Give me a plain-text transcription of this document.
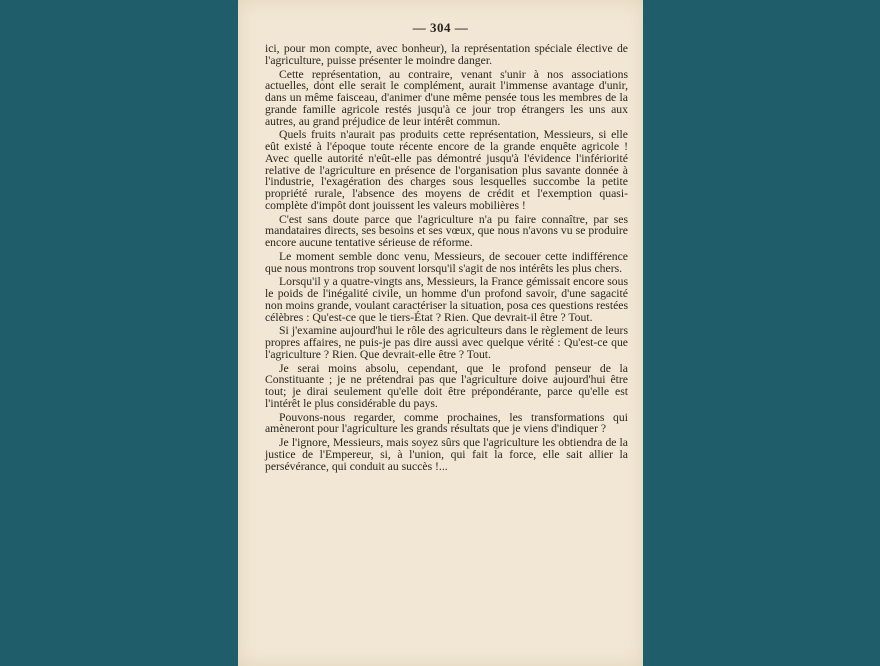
— 304 —

ici, pour mon compte, avec bonheur), la représentation spéciale élective de l'agriculture, puisse présenter le moindre danger.

Cette représentation, au contraire, venant s'unir à nos associations actuelles, dont elle serait le complément, aurait l'immense avantage d'unir, dans un même faisceau, d'animer d'une même pensée tous les membres de la grande famille agricole restés jusqu'à ce jour trop étrangers les uns aux autres, au grand préjudice de leur intérêt commun.

Quels fruits n'aurait pas produits cette représentation, Messieurs, si elle eût existé à l'époque toute récente encore de la grande enquête agricole ! Avec quelle autorité n'eût-elle pas démontré jusqu'à l'évidence l'infériorité relative de l'agriculture en présence de l'organisation plus savante donnée à l'industrie, l'exagération des charges sous lesquelles succombe la petite propriété rurale, l'absence des moyens de crédit et l'exemption quasi-complète d'impôt dont jouissent les valeurs mobilières !

C'est sans doute parce que l'agriculture n'a pu faire connaître, par ses mandataires directs, ses besoins et ses vœux, que nous n'avons vu se produire encore aucune tentative sérieuse de réforme.

Le moment semble donc venu, Messieurs, de secouer cette indifférence que nous montrons trop souvent lorsqu'il s'agit de nos intérêts les plus chers.

Lorsqu'il y a quatre-vingts ans, Messieurs, la France gémissait encore sous le poids de l'inégalité civile, un homme d'un profond savoir, d'une sagacité non moins grande, voulant caractériser la situation, posa ces questions restées célèbres : Qu'est-ce que le tiers-État ? Rien. Que devrait-il être ? Tout.

Si j'examine aujourd'hui le rôle des agriculteurs dans le règlement de leurs propres affaires, ne puis-je pas dire aussi avec quelque vérité : Qu'est-ce que l'agriculture ? Rien. Que devrait-elle être ? Tout.

Je serai moins absolu, cependant, que le profond penseur de la Constituante ; je ne prétendrai pas que l'agriculture doive aujourd'hui être tout; je dirai seulement qu'elle doit être prépondérante, parce qu'elle est l'intérêt le plus considérable du pays.

Pouvons-nous regarder, comme prochaines, les transformations qui amèneront pour l'agriculture les grands résultats que je viens d'indiquer ?

Je l'ignore, Messieurs, mais soyez sûrs que l'agriculture les obtiendra de la justice de l'Empereur, si, à l'union, qui fait la force, elle sait allier la persévérance, qui conduit au succès !...
